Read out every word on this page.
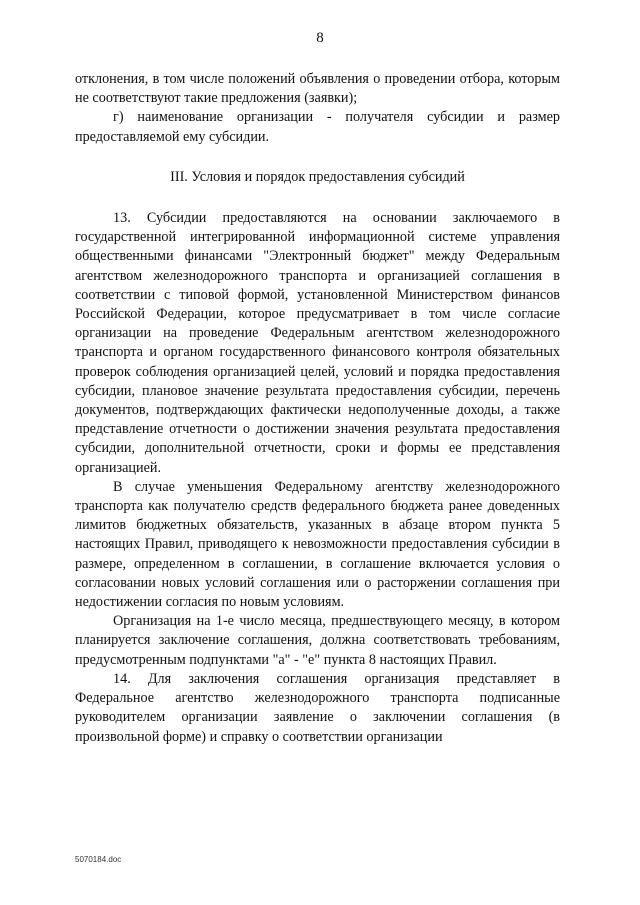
8

отклонения, в том числе положений объявления о проведении отбора, которым не соответствуют такие предложения (заявки);

г) наименование организации - получателя субсидии и размер предоставляемой ему субсидии.

III. Условия и порядок предоставления субсидий

13. Субсидии предоставляются на основании заключаемого в государственной интегрированной информационной системе управления общественными финансами "Электронный бюджет" между Федеральным агентством железнодорожного транспорта и организацией соглашения в соответствии с типовой формой, установленной Министерством финансов Российской Федерации, которое предусматривает в том числе согласие организации на проведение Федеральным агентством железнодорожного транспорта и органом государственного финансового контроля обязательных проверок соблюдения организацией целей, условий и порядка предоставления субсидии, плановое значение результата предоставления субсидии, перечень документов, подтверждающих фактически недополученные доходы, а также представление отчетности о достижении значения результата предоставления субсидии, дополнительной отчетности, сроки и формы ее представления организацией.

В случае уменьшения Федеральному агентству железнодорожного транспорта как получателю средств федерального бюджета ранее доведенных лимитов бюджетных обязательств, указанных в абзаце втором пункта 5 настоящих Правил, приводящего к невозможности предоставления субсидии в размере, определенном в соглашении, в соглашение включается условия о согласовании новых условий соглашения или о расторжении соглашения при недостижении согласия по новым условиям.

Организация на 1-е число месяца, предшествующего месяцу, в котором планируется заключение соглашения, должна соответствовать требованиям, предусмотренным подпунктами "а" - "е" пункта 8 настоящих Правил.

14. Для заключения соглашения организация представляет в Федеральное агентство железнодорожного транспорта подписанные руководителем организации заявление о заключении соглашения (в произвольной форме) и справку о соответствии организации

5070184.doc
